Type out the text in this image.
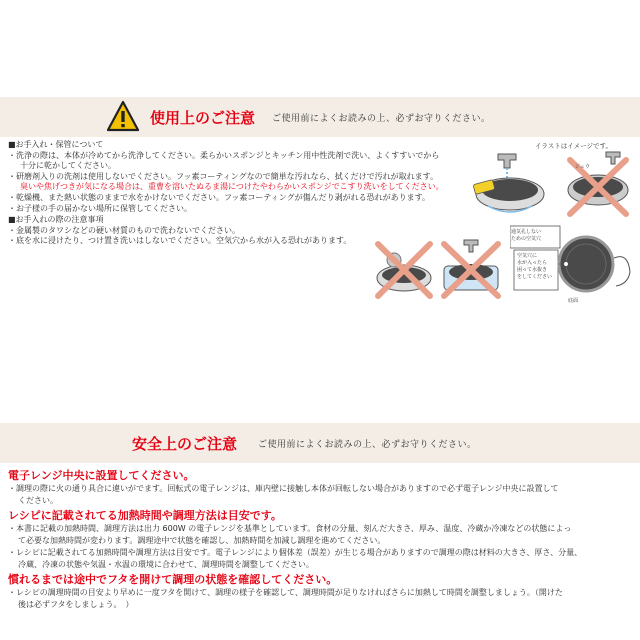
使用上のご注意 ご使用前によくお読みの上、必ずお守りください。
イラストはイメージです。
■お手入れ・保管について
・洗浄の際は、本体が冷めてから洗浄してください。柔らかいスポンジとキッチン用中性洗剤で洗い、よくすすいでから
十分に乾かしてください。
・研磨剤入りの洗剤は使用しないでください。フッ素コーティングなので簡単な汚れなら、拭くだけで汚れが取れます。
臭いや焦げつきが気になる場合は、重曹を溶いたぬるま湯につけたやわらかいスポンジでこすり洗いをしてください。
・乾燥機、また熱い状態のままで水をかけないでください。フッ素コーティングが傷んだり剥がれる恐れがあります。
・お子様の手の届かない場所に保管してください。
■お手入れの際の注意事項
・金属製のタワシなどの硬い材質のもので洗わないでください。
・底を水に浸けたり、つけ置き洗いはしないでください。空気穴から水が入る恐れがあります。
ジュウ
通気孔しない
ための空気穴
空気穴に
水が入ったら
困って水抜き
をしてください
底面
安全上のご注意 ご使用前によくお読みの上、必ずお守りください。
電子レンジ中央に設置してください。
・調理の際に火の通り具合に違いがでます。回転式の電子レンジは、庫内壁に接触し本体が回転しない場合がありますので必ず電子レンジ中央に設置して
ください。
レシピに記載されてる加熱時間や調理方法は目安です。
・本書に記載の加熱時間、調理方法は出力 600W の電子レンジを基準としています。食材の分量、刻んだ大きさ、厚み、温度、冷蔵か冷凍などの状態によっ
て必要な加熱時間が変わります。調理途中で状態を確認し、加熱時間を加減し調理を進めてください。
・レシピに記載されてる加熱時間や調理方法は目安です。電子レンジにより個体差（誤差）が生じる場合がありますので調理の際は材料の大きさ、厚さ、分量、
冷蔵、冷凍の状態や気温・水温の環境に合わせて、調理時間を調整してください。
慣れるまでは途中でフタを開けて調理の状態を確認してください。
・レシピの調理時間の目安より早めに一度フタを開けて、調理の様子を確認して、調理時間が足りなければさらに加熱して時間を調整しましょう。（開けた
後は必ずフタをしましょう。　）
